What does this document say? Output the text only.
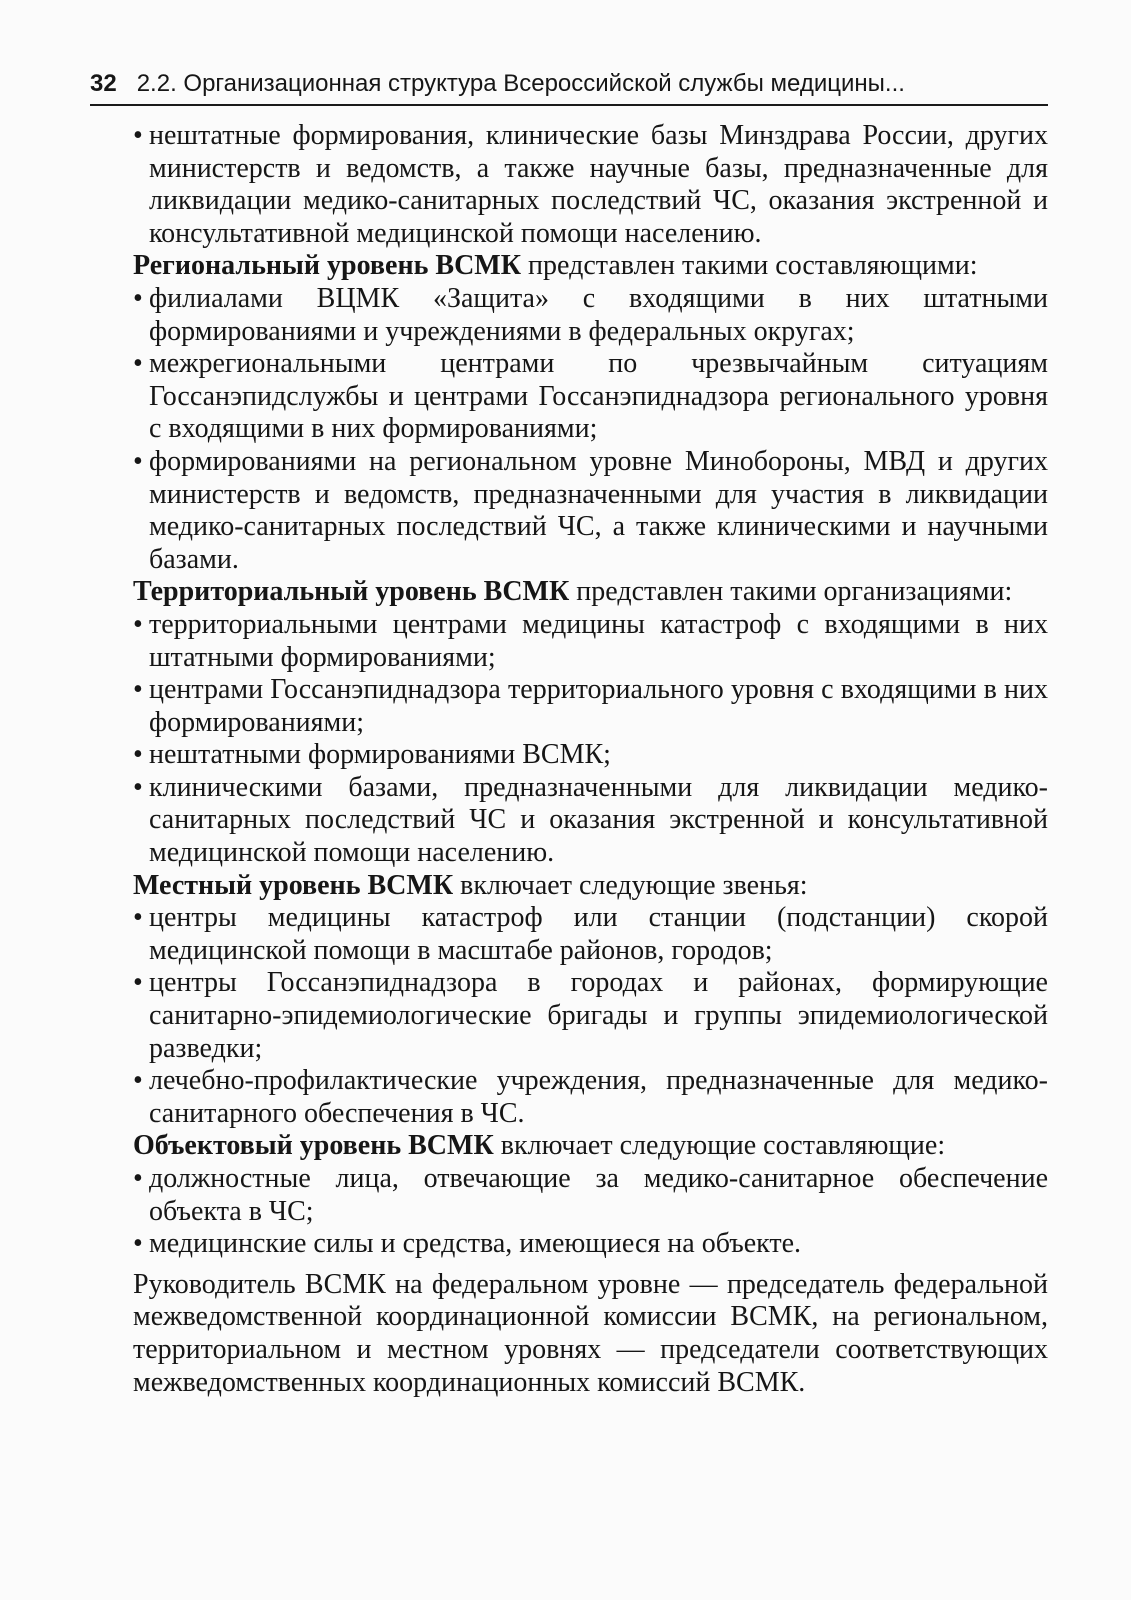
32 2.2. Организационная структура Всероссийской службы медицины...
• нештатные формирования, клинические базы Минздрава России, других министерств и ведомств, а также научные базы, предназначенные для ликвидации медико-санитарных последствий ЧС, оказания экстренной и консультативной медицинской помощи населению.

Региональный уровень ВСМК представлен такими составляющими:

• филиалами ВЦМК «Защита» с входящими в них штатными формированиями и учреждениями в федеральных округах;
• межрегиональными центрами по чрезвычайным ситуациям Госсанэпидслужбы и центрами Госсанэпиднадзора регионального уровня с входящими в них формированиями;
• формированиями на региональном уровне Минобороны, МВД и других министерств и ведомств, предназначенными для участия в ликвидации медико-санитарных последствий ЧС, а также клиническими и научными базами.

Территориальный уровень ВСМК представлен такими организациями:

• территориальными центрами медицины катастроф с входящими в них штатными формированиями;
• центрами Госсанэпиднадзора территориального уровня с входящими в них формированиями;
• нештатными формированиями ВСМК;
• клиническими базами, предназначенными для ликвидации медико-санитарных последствий ЧС и оказания экстренной и консультативной медицинской помощи населению.

Местный уровень ВСМК включает следующие звенья:

• центры медицины катастроф или станции (подстанции) скорой медицинской помощи в масштабе районов, городов;
• центры Госсанэпиднадзора в городах и районах, формирующие санитарно-эпидемиологические бригады и группы эпидемиологической разведки;
• лечебно-профилактические учреждения, предназначенные для медико-санитарного обеспечения в ЧС.

Объектовый уровень ВСМК включает следующие составляющие:

• должностные лица, отвечающие за медико-санитарное обеспечение объекта в ЧС;
• медицинские силы и средства, имеющиеся на объекте.

Руководитель ВСМК на федеральном уровне — председатель федеральной межведомственной координационной комиссии ВСМК, на региональном, территориальном и местном уровнях — председатели соответствующих межведомственных координационных комиссий ВСМК.
